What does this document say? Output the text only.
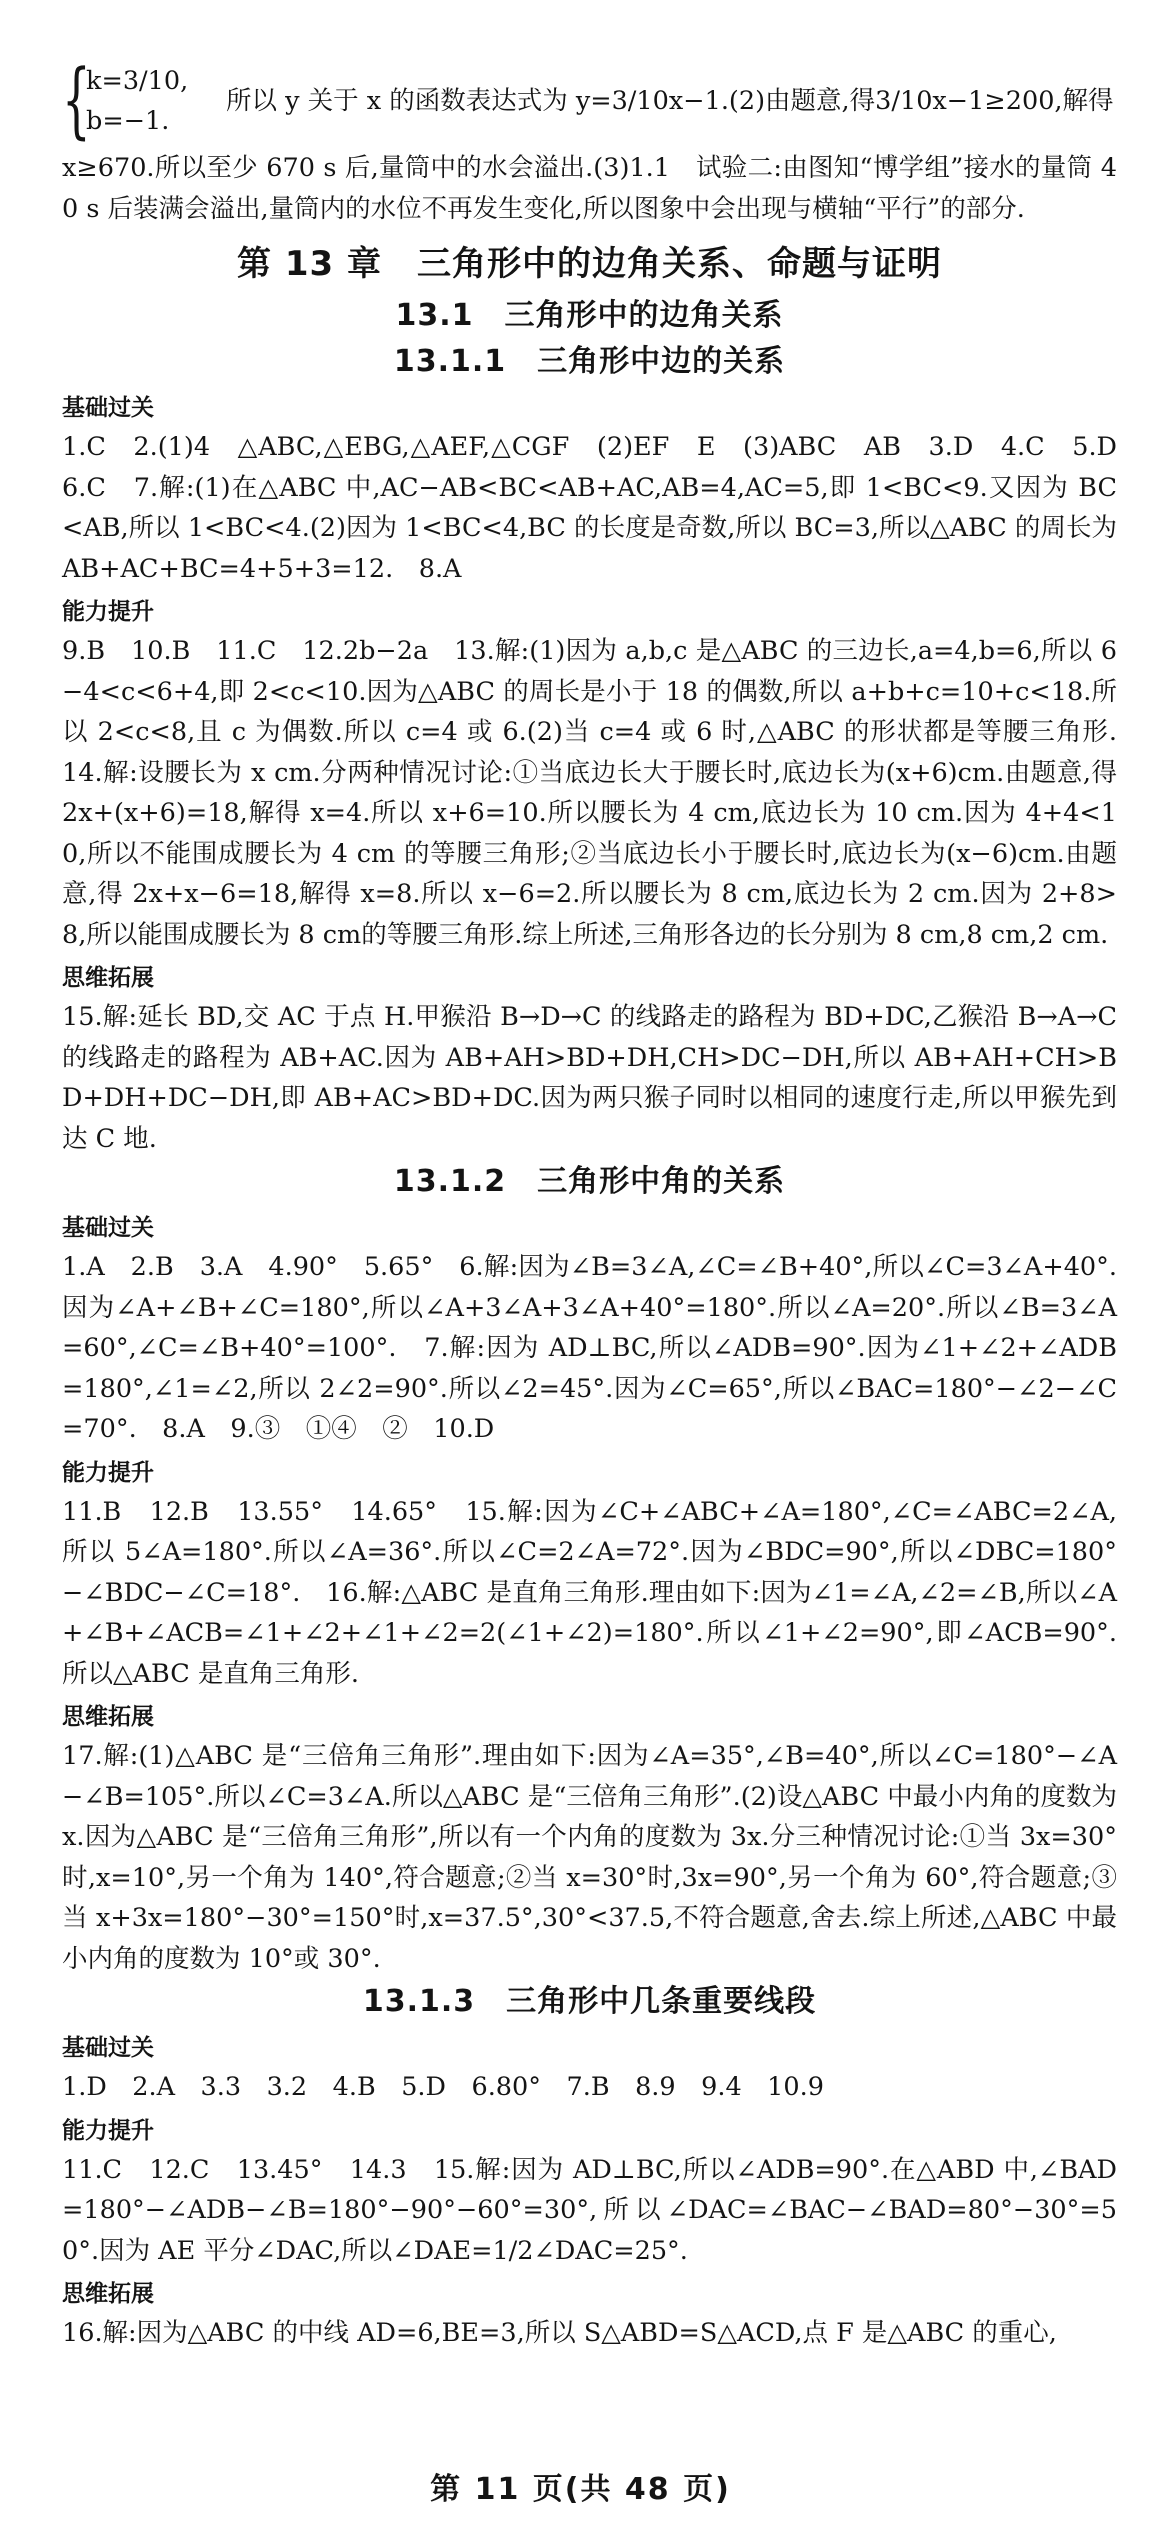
{
k=3/10,
b=−1.
所以 y 关于 x 的函数表达式为 y=3/10x−1.(2)由题意,得3/10x−1≥200,解得

x≥670.所以至少 670 s 后,量筒中的水会溢出.(3)1.1　试验二:由图知“博学组”接水的量筒 40 s 后装满会溢出,量筒内的水位不再发生变化,所以图象中会出现与横轴“平行”的部分.

第 13 章　三角形中的边角关系、命题与证明
13.1　三角形中的边角关系
13.1.1　三角形中边的关系
基础过关

1.C　2.(1)4　△ABC,△EBG,△AEF,△CGF　(2)EF　E　(3)ABC　AB　3.D　4.C　5.D　6.C　7.解:(1)在△ABC 中,AC−AB<BC<AB+AC,AB=4,AC=5,即 1<BC<9.又因为 BC<AB,所以 1<BC<4.(2)因为 1<BC<4,BC 的长度是奇数,所以 BC=3,所以△ABC 的周长为 AB+AC+BC=4+5+3=12.　8.A

能力提升

9.B　10.B　11.C　12.2b−2a　13.解:(1)因为 a,b,c 是△ABC 的三边长,a=4,b=6,所以 6−4<c<6+4,即 2<c<10.因为△ABC 的周长是小于 18 的偶数,所以 a+b+c=10+c<18.所以 2<c<8,且 c 为偶数.所以 c=4 或 6.(2)当 c=4 或 6 时,△ABC 的形状都是等腰三角形.　14.解:设腰长为 x cm.分两种情况讨论:①当底边长大于腰长时,底边长为(x+6)cm.由题意,得 2x+(x+6)=18,解得 x=4.所以 x+6=10.所以腰长为 4 cm,底边长为 10 cm.因为 4+4<10,所以不能围成腰长为 4 cm 的等腰三角形;②当底边长小于腰长时,底边长为(x−6)cm.由题意,得 2x+x−6=18,解得 x=8.所以 x−6=2.所以腰长为 8 cm,底边长为 2 cm.因为 2+8>8,所以能围成腰长为 8 cm的等腰三角形.综上所述,三角形各边的长分别为 8 cm,8 cm,2 cm.

思维拓展

15.解:延长 BD,交 AC 于点 H.甲猴沿 B→D→C 的线路走的路程为 BD+DC,乙猴沿 B→A→C 的线路走的路程为 AB+AC.因为 AB+AH>BD+DH,CH>DC−DH,所以 AB+AH+CH>BD+DH+DC−DH,即 AB+AC>BD+DC.因为两只猴子同时以相同的速度行走,所以甲猴先到达 C 地.

13.1.2　三角形中角的关系
基础过关

1.A　2.B　3.A　4.90°　5.65°　6.解:因为∠B=3∠A,∠C=∠B+40°,所以∠C=3∠A+40°.因为∠A+∠B+∠C=180°,所以∠A+3∠A+3∠A+40°=180°.所以∠A=20°.所以∠B=3∠A=60°,∠C=∠B+40°=100°.　7.解:因为 AD⊥BC,所以∠ADB=90°.因为∠1+∠2+∠ADB=180°,∠1=∠2,所以 2∠2=90°.所以∠2=45°.因为∠C=65°,所以∠BAC=180°−∠2−∠C=70°.　8.A　9.③　①④　②　10.D

能力提升

11.B　12.B　13.55°　14.65°　15.解:因为∠C+∠ABC+∠A=180°,∠C=∠ABC=2∠A,所以 5∠A=180°.所以∠A=36°.所以∠C=2∠A=72°.因为∠BDC=90°,所以∠DBC=180°−∠BDC−∠C=18°.　16.解:△ABC 是直角三角形.理由如下:因为∠1=∠A,∠2=∠B,所以∠A+∠B+∠ACB=∠1+∠2+∠1+∠2=2(∠1+∠2)=180°.所以∠1+∠2=90°,即∠ACB=90°.所以△ABC 是直角三角形.

思维拓展

17.解:(1)△ABC 是“三倍角三角形”.理由如下:因为∠A=35°,∠B=40°,所以∠C=180°−∠A−∠B=105°.所以∠C=3∠A.所以△ABC 是“三倍角三角形”.(2)设△ABC 中最小内角的度数为 x.因为△ABC 是“三倍角三角形”,所以有一个内角的度数为 3x.分三种情况讨论:①当 3x=30°时,x=10°,另一个角为 140°,符合题意;②当 x=30°时,3x=90°,另一个角为 60°,符合题意;③当 x+3x=180°−30°=150°时,x=37.5°,30°<37.5,不符合题意,舍去.综上所述,△ABC 中最小内角的度数为 10°或 30°.

13.1.3　三角形中几条重要线段
基础过关

1.D　2.A　3.3　3.2　4.B　5.D　6.80°　7.B　8.9　9.4　10.9

能力提升

11.C　12.C　13.45°　14.3　15.解:因为 AD⊥BC,所以∠ADB=90°.在△ABD 中,∠BAD=180°−∠ADB−∠B=180°−90°−60°=30°,所以∠DAC=∠BAC−∠BAD=80°−30°=50°.因为 AE 平分∠DAC,所以∠DAE=1/2∠DAC=25°.

思维拓展

16.解:因为△ABC 的中线 AD=6,BE=3,所以 S△ABD=S△ACD,点 F 是△ABC 的重心,

第 11 页(共 48 页)
